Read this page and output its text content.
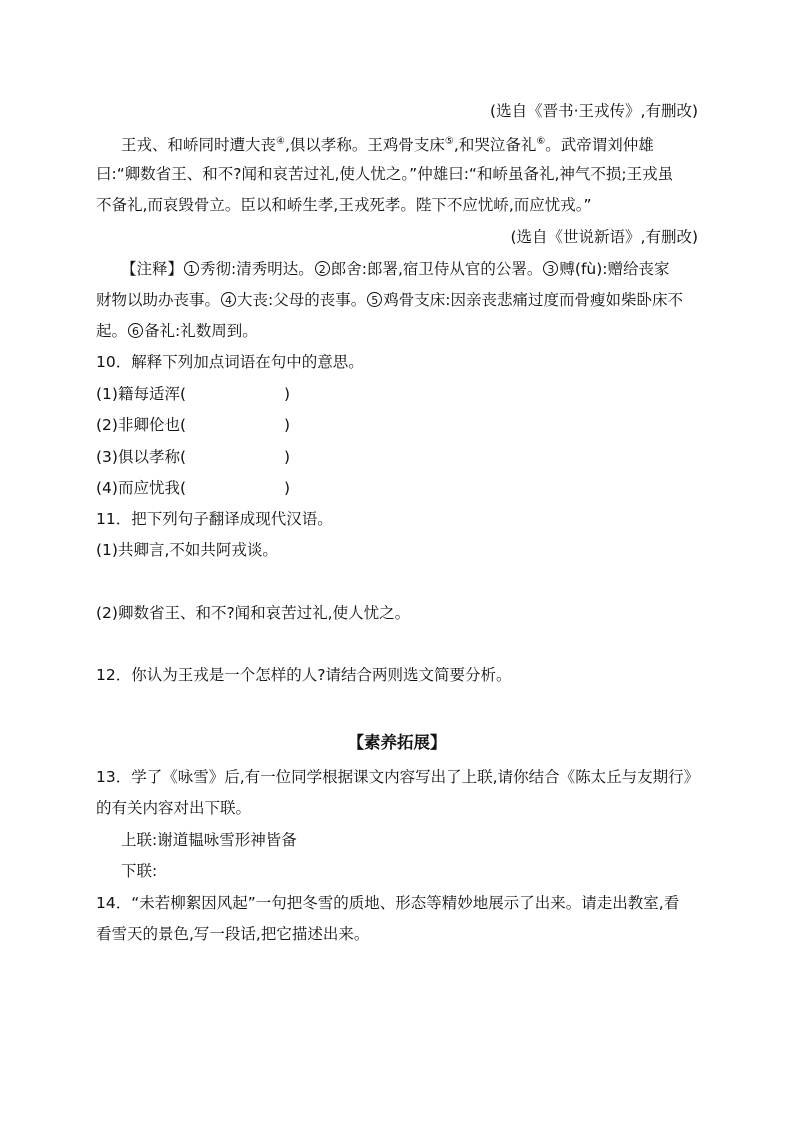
(选自《晋书·王戎传》,有删改)
王戎、和峤同时遭大丧④,俱以孝称。王鸡骨支床⑤,和哭泣备礼⑥。武帝谓刘仲雄
曰:“卿数省王、和不?闻和哀苦过礼,使人忧之。”仲雄曰:“和峤虽备礼,神气不损;王戎虽
不备礼,而哀毁骨立。臣以和峤生孝,王戎死孝。陛下不应忧峤,而应忧戎。”
(选自《世说新语》,有删改)
【注释】 1 秀彻:清秀明达。 2 郎舍:郎署,宿卫侍从官的公署。 3 赙(fù):赠给丧家
财物以助办丧事。 4 大丧:父母的丧事。 5 鸡骨支床:因亲丧悲痛过度而骨瘦如柴卧床不
起。 6 备礼:礼数周到。
10．解释下列加点词语在句中的意思。
(1)籍每适浑(	)
(2)非卿伦也(	)
(3)俱以孝称(	)
(4)而应忧我(	)
11．把下列句子翻译成现代汉语。
(1)共卿言,不如共阿戎谈。
(2)卿数省王、和不?闻和哀苦过礼,使人忧之。
12．你认为王戎是一个怎样的人?请结合两则选文简要分析。
【素养拓展】
13．学了《咏雪》后,有一位同学根据课文内容写出了上联,请你结合《陈太丘与友期行》
的有关内容对出下联。
上联:谢道韫咏雪形神皆备
下联:
14．“未若柳絮因风起”一句把冬雪的质地、形态等精妙地展示了出来。请走出教室,看
看雪天的景色,写一段话,把它描述出来。
